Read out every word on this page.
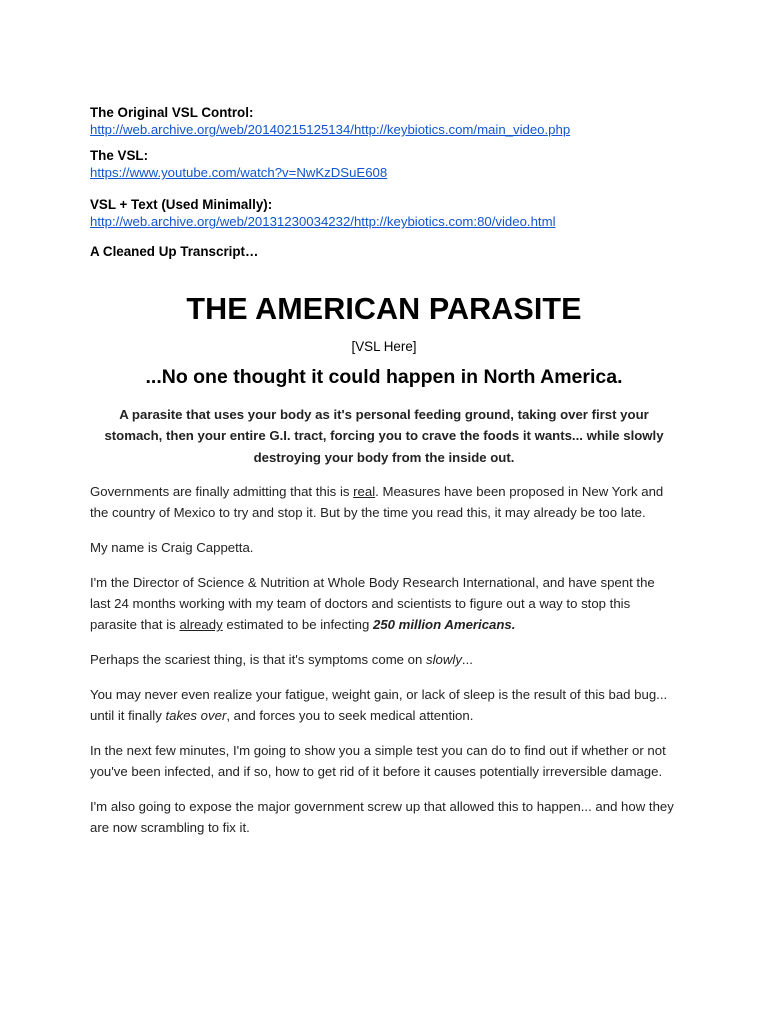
The Original VSL Control:
http://web.archive.org/web/20140215125134/http://keybiotics.com/main_video.php
The VSL:
https://www.youtube.com/watch?v=NwKzDSuE608
VSL + Text (Used Minimally):
http://web.archive.org/web/20131230034232/http://keybiotics.com:80/video.html

A Cleaned Up Transcript…

THE AMERICAN PARASITE

[VSL Here]

...No one thought it could happen in North America.

A parasite that uses your body as it's personal feeding ground, taking over first your stomach, then your entire G.I. tract, forcing you to crave the foods it wants... while slowly destroying your body from the inside out.

Governments are finally admitting that this is real. Measures have been proposed in New York and the country of Mexico to try and stop it. But by the time you read this, it may already be too late.

My name is Craig Cappetta.

I'm the Director of Science & Nutrition at Whole Body Research International, and have spent the last 24 months working with my team of doctors and scientists to figure out a way to stop this parasite that is already estimated to be infecting 250 million Americans.

Perhaps the scariest thing, is that it's symptoms come on slowly...

You may never even realize your fatigue, weight gain, or lack of sleep is the result of this bad bug... until it finally takes over, and forces you to seek medical attention.

In the next few minutes, I'm going to show you a simple test you can do to find out if whether or not you've been infected, and if so, how to get rid of it before it causes potentially irreversible damage.

I'm also going to expose the major government screw up that allowed this to happen... and how they are now scrambling to fix it.
